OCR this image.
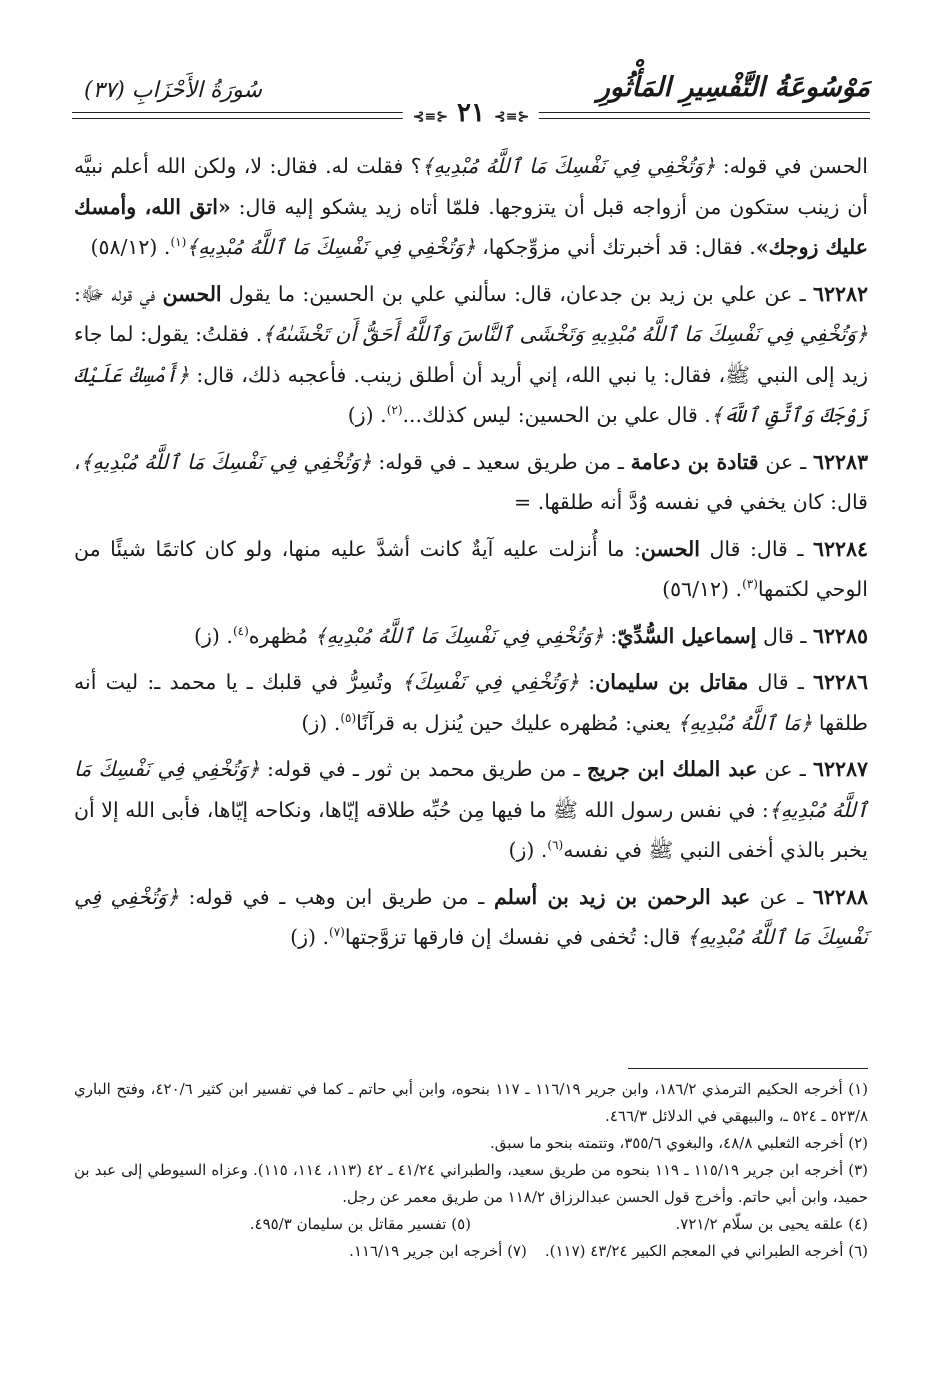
مَوْسُوعَةُ التَّفْسِيرِ المَأْثُورِ
سُورَةُ الأَحْزَابِ (٣٧)
⊰≡⊱ ٢١ ⊰≡⊱

الحسن في قوله: ﴿وَتُخْفِي فِي نَفْسِكَ مَا ٱللَّهُ مُبْدِيهِ﴾؟ فقلت له. فقال: لا، ولكن الله أعلم نبيَّه أن زينب ستكون من أزواجه قبل أن يتزوجها. فلمّا أتاه زيد يشكو إليه قال: «اتق الله، وأمسك عليك زوجك». فقال: قد أخبرتك أني مزوِّجكها، ﴿وَتُخْفِي فِي نَفْسِكَ مَا ٱللَّهُ مُبْدِيهِ﴾$^{(١)}$. (٥٨/١٢)

٦٢٢٨٢ ـ عن علي بن زيد بن جدعان، قال: سألني علي بن الحسين: ما يقول الحسن في قوله ﷻ: ﴿وَتُخْفِي فِي نَفْسِكَ مَا ٱللَّهُ مُبْدِيهِ وَتَخْشَى ٱلنَّاسَ وَٱللَّهُ أَحَقُّ أَن تَخْشَىٰهُ﴾. فقلتُ: يقول: لما جاء زيد إلى النبي ﷺ، فقال: يا نبي الله، إني أريد أن أطلق زينب. فأعجبه ذلك، قال: ﴿أَمْسِكْ عَلَيْكَ زَوْجَكَ وَٱتَّقِ ٱللَّهَ﴾. قال علي بن الحسين: ليس كذلك...$^{(٢)}$. (ز)

٦٢٢٨٣ ـ عن قتادة بن دعامة ـ من طريق سعيد ـ في قوله: ﴿وَتُخْفِي فِي نَفْسِكَ مَا ٱللَّهُ مُبْدِيهِ﴾، قال: كان يخفي في نفسه وُدَّ أنه طلقها. =

٦٢٢٨٤ ـ قال: قال الحسن: ما أُنزلت عليه آيةٌ كانت أشدَّ عليه منها، ولو كان كاتمًا شيئًا من الوحي لكتمها$^{(٣)}$. (٥٦/١٢)

٦٢٢٨٥ ـ قال إسماعيل السُّدِّيّ: ﴿وَتُخْفِي فِي نَفْسِكَ مَا ٱللَّهُ مُبْدِيهِ﴾ مُظهره$^{(٤)}$. (ز)

٦٢٢٨٦ ـ قال مقاتل بن سليمان: ﴿وَتُخْفِي فِي نَفْسِكَ﴾ وتُسِرُّ في قلبك ـ يا محمد ـ: ليت أنه طلقها ﴿مَا ٱللَّهُ مُبْدِيهِ﴾ يعني: مُظهره عليك حين يُنزل به قرآنًا$^{(٥)}$. (ز)

٦٢٢٨٧ ـ عن عبد الملك ابن جريج ـ من طريق محمد بن ثور ـ في قوله: ﴿وَتُخْفِي فِي نَفْسِكَ مَا ٱللَّهُ مُبْدِيهِ﴾: في نفس رسول الله ﷺ ما فيها مِن حُبِّه طلاقه إيّاها، ونكاحه إيّاها، فأبى الله إلا أن يخبر بالذي أخفى النبي ﷺ في نفسه$^{(٦)}$. (ز)

٦٢٢٨٨ ـ عن عبد الرحمن بن زيد بن أسلم ـ من طريق ابن وهب ـ في قوله: ﴿وَتُخْفِي فِي نَفْسِكَ مَا ٱللَّهُ مُبْدِيهِ﴾ قال: تُخفى في نفسك إن فارقها تزوَّجتها$^{(٧)}$. (ز)

(١) أخرجه الحكيم الترمذي ١٨٦/٢، وابن جرير ١١٦/١٩ ـ ١١٧ بنحوه، وابن أبي حاتم ـ كما في تفسير ابن كثير ٤٢٠/٦، وفتح الباري ٥٢٣/٨ ـ ٥٢٤ ـ، والبيهقي في الدلائل ٤٦٦/٣.

(٢) أخرجه الثعلبي ٤٨/٨، والبغوي ٣٥٥/٦، وتتمته بنحو ما سبق.

(٣) أخرجه ابن جرير ١١٥/١٩ ـ ١١٩ بنحوه من طريق سعيد، والطبراني ٤١/٢٤ ـ ٤٢ (١١٣، ١١٤، ١١٥). وعزاه السيوطي إلى عبد بن حميد، وابن أبي حاتم. وأخرج قول الحسن عبدالرزاق ١١٨/٢ من طريق معمر عن رجل.

(٤) علقه يحيى بن سلّام ٧٢١/٢.
(٥) تفسير مقاتل بن سليمان ٤٩٥/٣.
(٦) أخرجه الطبراني في المعجم الكبير ٤٣/٢٤ (١١٧).
(٧) أخرجه ابن جرير ١١٦/١٩.
